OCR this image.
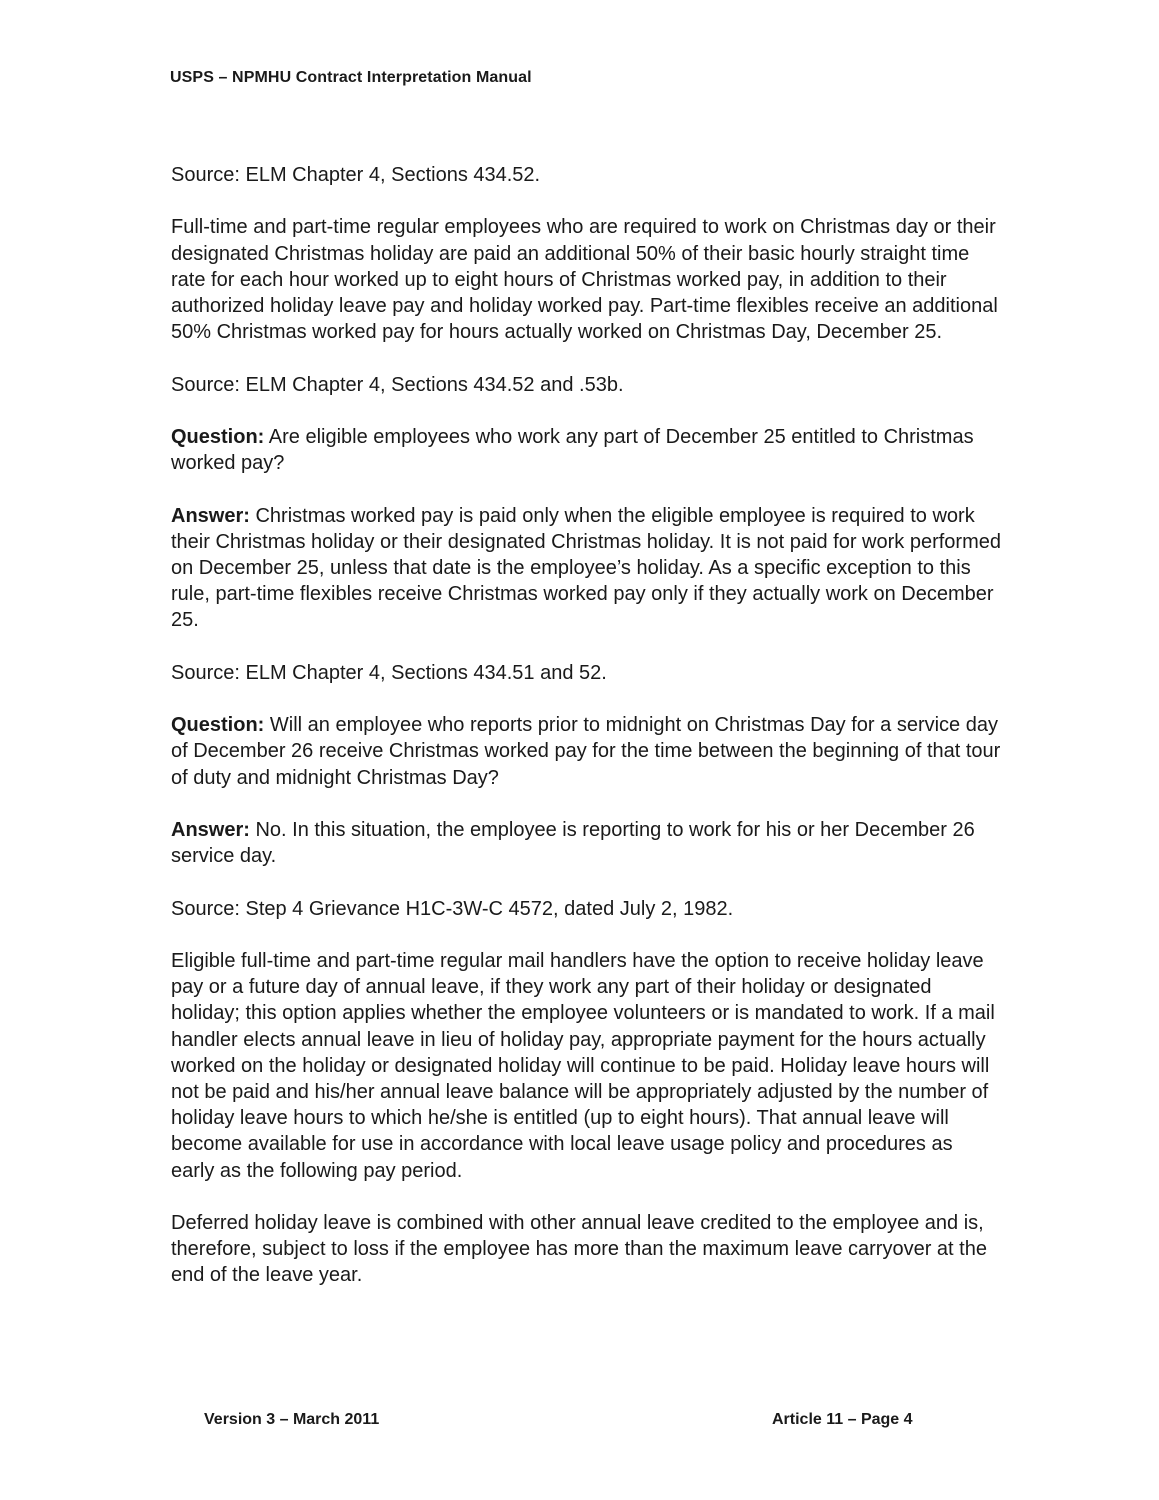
USPS – NPMHU Contract Interpretation Manual

Source: ELM Chapter 4, Sections 434.52.

Full-time and part-time regular employees who are required to work on Christmas day or their designated Christmas holiday are paid an additional 50% of their basic hourly straight time rate for each hour worked up to eight hours of Christmas worked pay, in addition to their authorized holiday leave pay and holiday worked pay. Part-time flexibles receive an additional 50% Christmas worked pay for hours actually worked on Christmas Day, December 25.

Source: ELM Chapter 4, Sections 434.52 and .53b.

Question: Are eligible employees who work any part of December 25 entitled to Christmas worked pay?

Answer: Christmas worked pay is paid only when the eligible employee is required to work their Christmas holiday or their designated Christmas holiday. It is not paid for work performed on December 25, unless that date is the employee’s holiday. As a specific exception to this rule, part-time flexibles receive Christmas worked pay only if they actually work on December 25.

Source: ELM Chapter 4, Sections 434.51 and 52.

Question: Will an employee who reports prior to midnight on Christmas Day for a service day of December 26 receive Christmas worked pay for the time between the beginning of that tour of duty and midnight Christmas Day?

Answer: No. In this situation, the employee is reporting to work for his or her December 26 service day.

Source: Step 4 Grievance H1C-3W-C 4572, dated July 2, 1982.

Eligible full-time and part-time regular mail handlers have the option to receive holiday leave pay or a future day of annual leave, if they work any part of their holiday or designated holiday; this option applies whether the employee volunteers or is mandated to work. If a mail handler elects annual leave in lieu of holiday pay, appropriate payment for the hours actually worked on the holiday or designated holiday will continue to be paid. Holiday leave hours will not be paid and his/her annual leave balance will be appropriately adjusted by the number of holiday leave hours to which he/she is entitled (up to eight hours). That annual leave will become available for use in accordance with local leave usage policy and procedures as early as the following pay period.

Deferred holiday leave is combined with other annual leave credited to the employee and is, therefore, subject to loss if the employee has more than the maximum leave carryover at the end of the leave year.

Version 3 – March 2011	Article 11 – Page 4
